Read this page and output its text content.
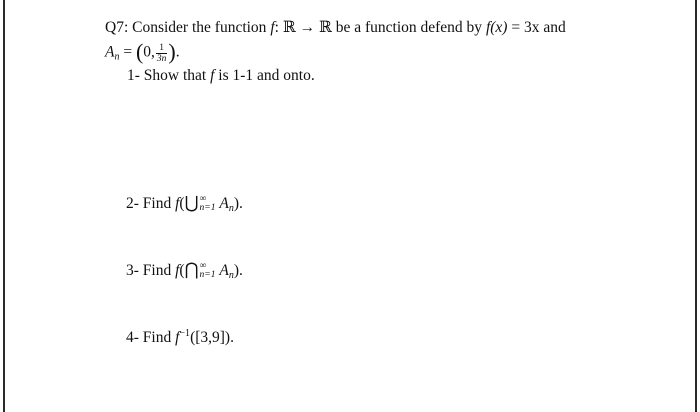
Q7: Consider the function f: ℝ → ℝ be a function defend by f(x) = 3x and
$A_n = (0$, $\frac{1}{3n}$ ).
1- Show that f is 1-1 and onto.
2- Find f(⋃ ∞
n=1 $A_n$).
3- Find f(⋂ ∞
n=1 $A_n$).
4- Find $f^{-1}([3,9])$.
